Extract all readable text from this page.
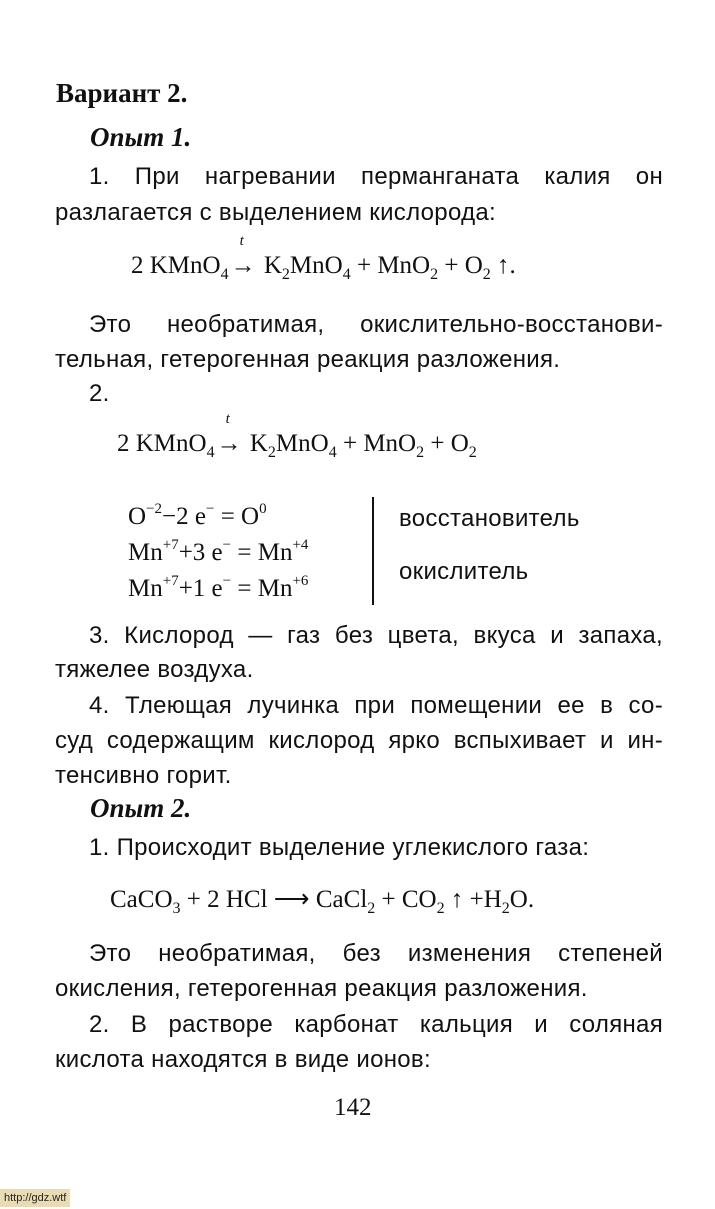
Вариант 2.
Опыт 1.
1. При нагревании перманганата калия он
разлагается с выделением кислорода:
2 KMnO$_4$
t
→ $K_2MnO_4 + MnO_2 + O_2$ ↑.
Это необратимая, окислительно-восстанови-
тельная, гетерогенная реакция разложения.
2.
2 KMnO$_4$
t
→ $K_2MnO_4 + MnO_2 + O_2$
$O^{-2}-2$ $e^- = O^0$
$Mn^{+7}+3$ $e^- = Mn^{+4}$
$Mn^{+7}+1$ $e^- = Mn^{+6}$
восстановитель
окислитель
3. Кислород — газ без цвета, вкуса и запаха,
тяжелее воздуха.
4. Тлеющая лучинка при помещении ее в со-
суд содержащим кислород ярко вспыхивает и ин-
тенсивно горит.
Опыт 2.
1. Происходит выделение углекислого газа:
CaCO$_3$ + 2 HCl ⟶ CaCl$_2$ + $CO_2$ ↑ $+H_2O$.
Это необратимая, без изменения степеней
окисления, гетерогенная реакция разложения.
2. В растворе карбонат кальция и соляная
кислота находятся в виде ионов:
142
http://gdz.wtf
